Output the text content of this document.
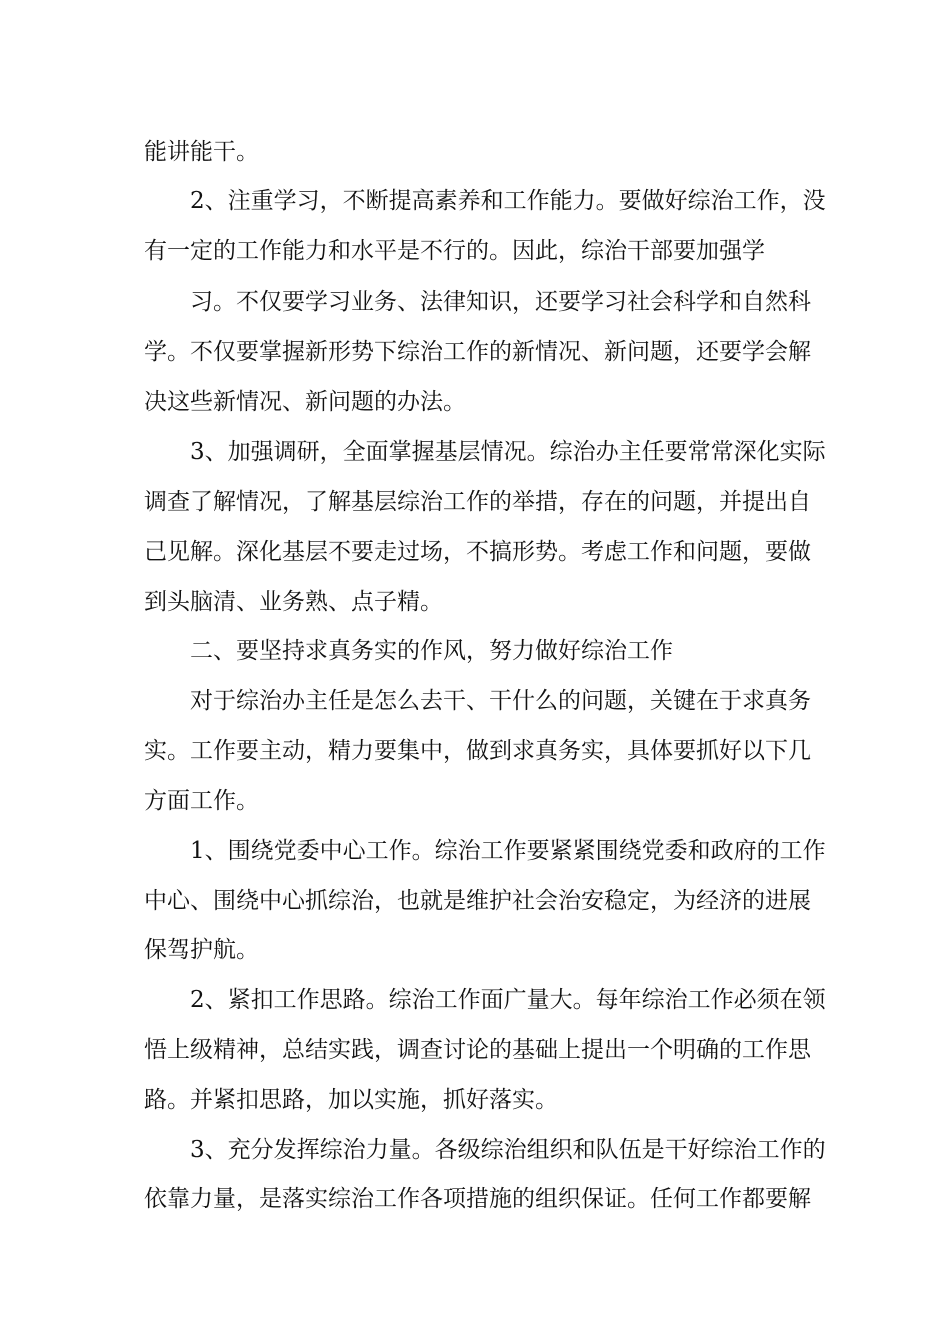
能讲能干。
2、注重学习，不断提高素养和工作能力。要做好综治工作，没
有一定的工作能力和水平是不行的。因此，综治干部要加强学
习。不仅要学习业务、法律知识，还要学习社会科学和自然科
学。不仅要掌握新形势下综治工作的新情况、新问题，还要学会解
决这些新情况、新问题的办法。
3、加强调研，全面掌握基层情况。综治办主任要常常深化实际
调查了解情况，了解基层综治工作的举措，存在的问题，并提出自
己见解。深化基层不要走过场，不搞形势。考虑工作和问题，要做
到头脑清、业务熟、点子精。
二、要坚持求真务实的作风，努力做好综治工作
对于综治办主任是怎么去干、干什么的问题，关键在于求真务
实。工作要主动，精力要集中，做到求真务实，具体要抓好以下几
方面工作。
1、围绕党委中心工作。综治工作要紧紧围绕党委和政府的工作
中心、围绕中心抓综治，也就是维护社会治安稳定，为经济的进展
保驾护航。
2、紧扣工作思路。综治工作面广量大。每年综治工作必须在领
悟上级精神，总结实践，调查讨论的基础上提出一个明确的工作思
路。并紧扣思路，加以实施，抓好落实。
3、充分发挥综治力量。各级综治组织和队伍是干好综治工作的
依靠力量，是落实综治工作各项措施的组织保证。任何工作都要解
